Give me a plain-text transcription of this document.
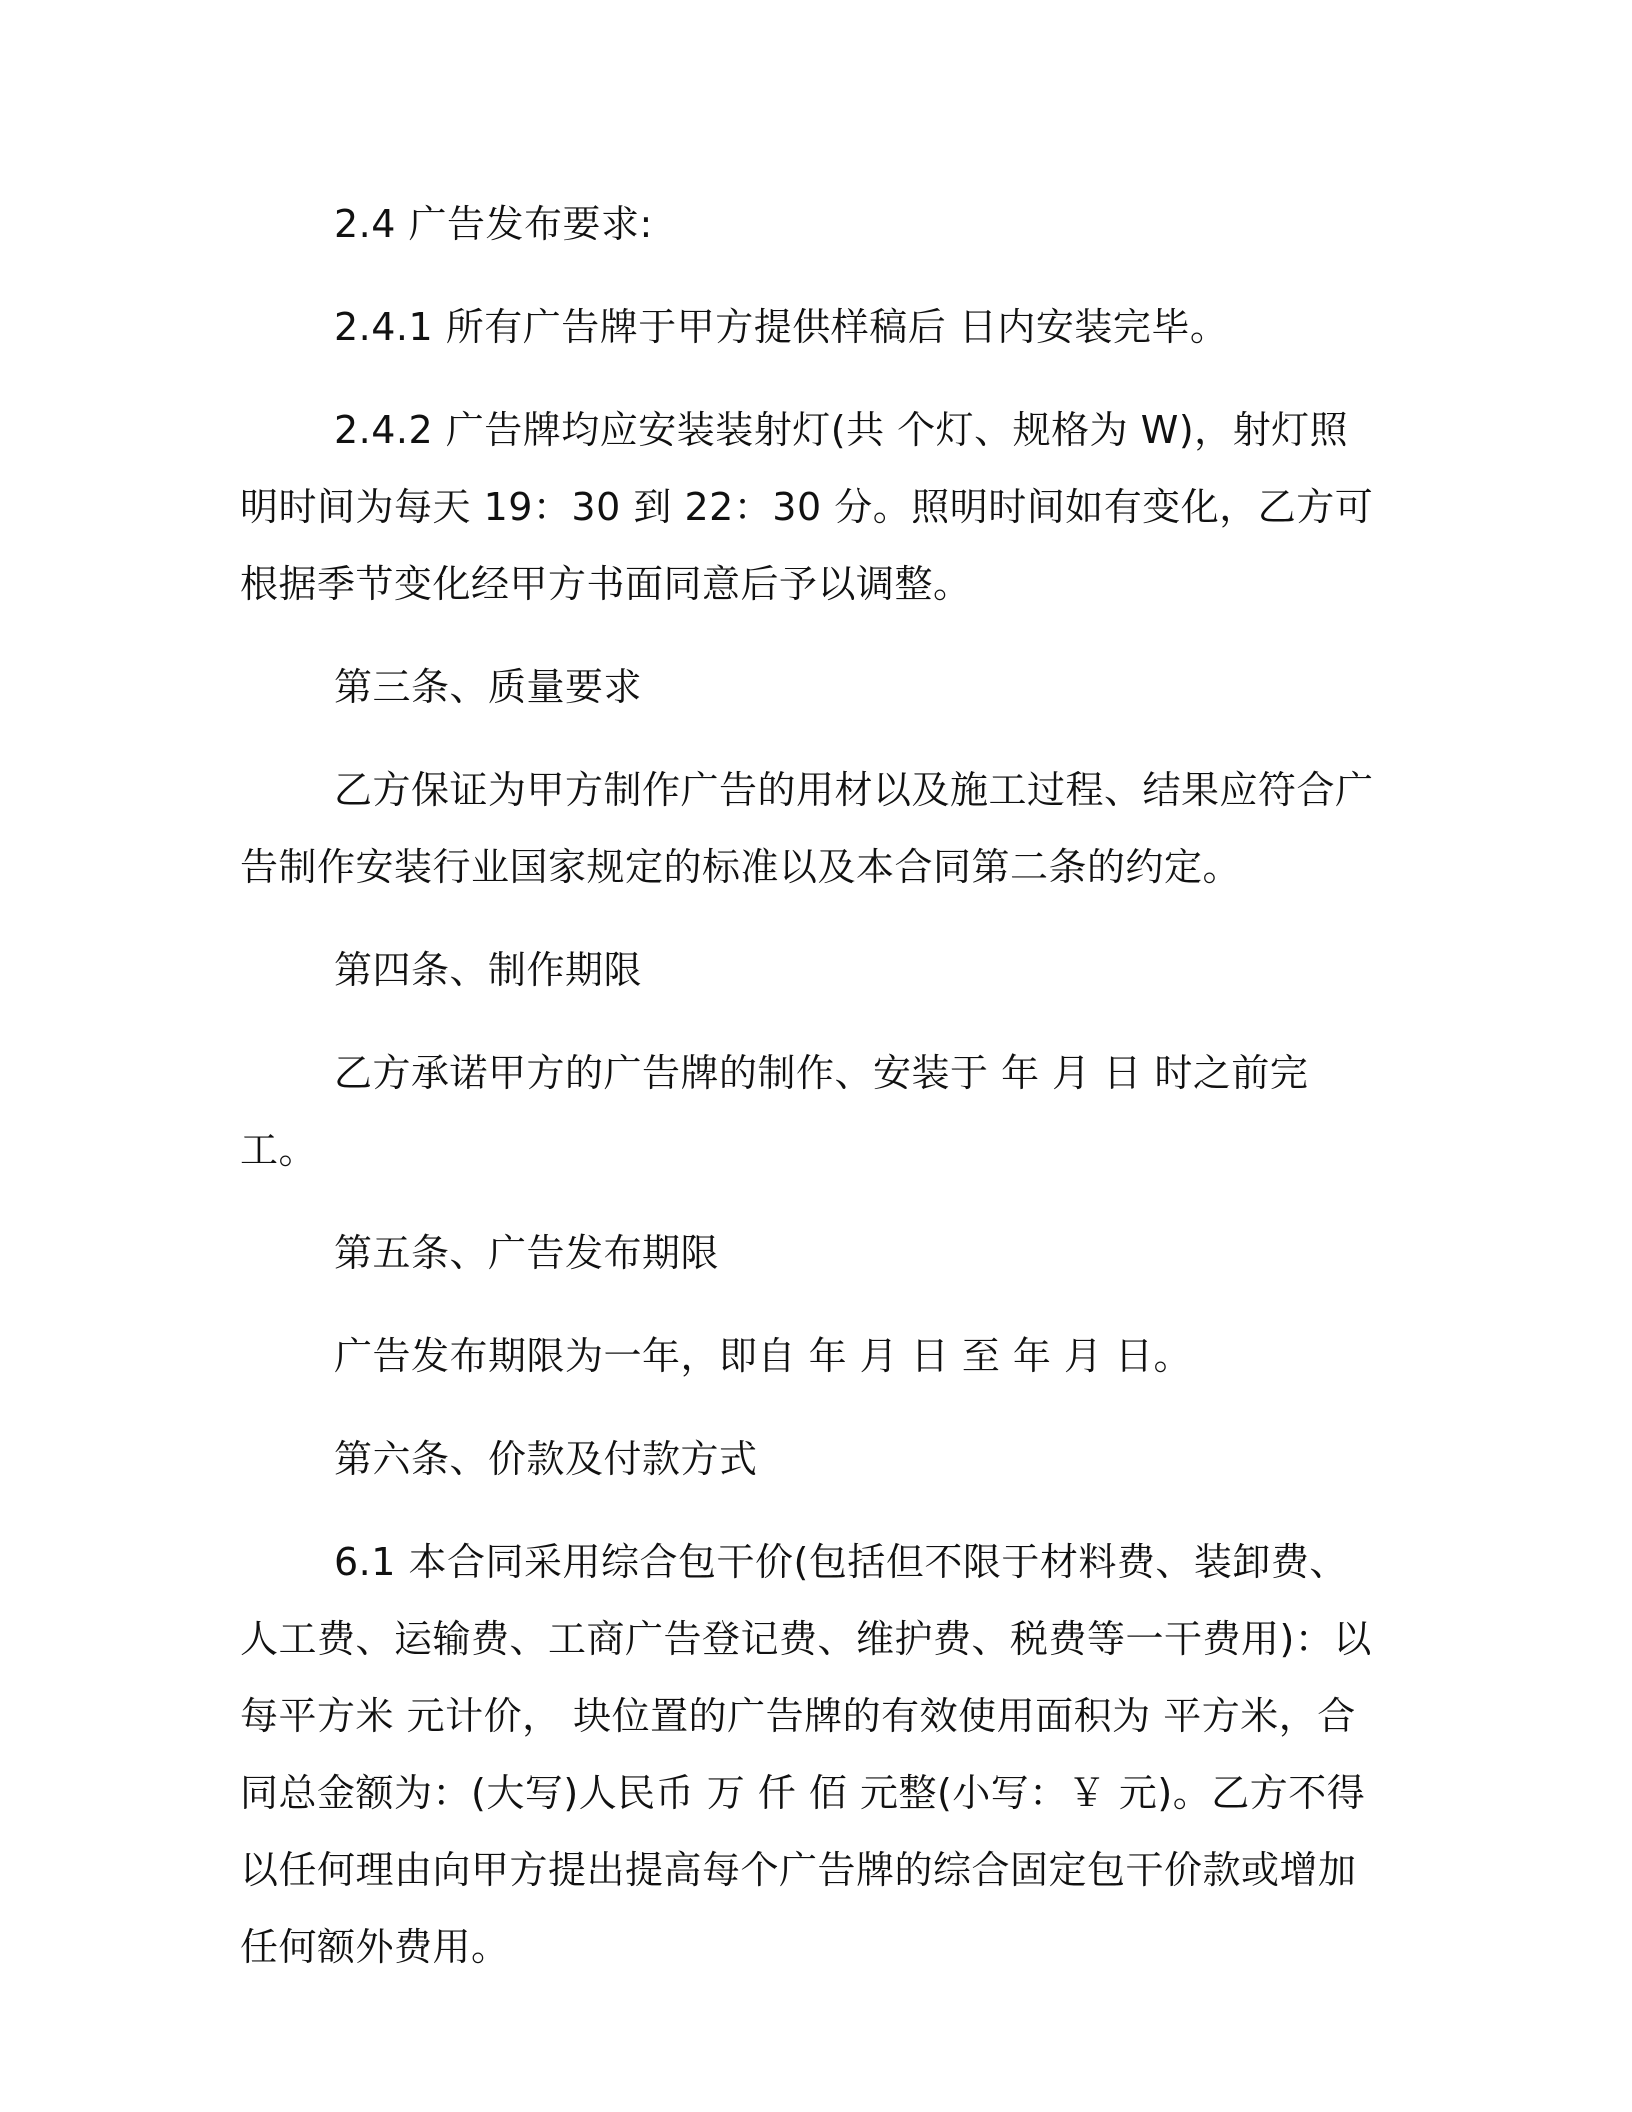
2.4 广告发布要求:

2.4.1 所有广告牌于甲方提供样稿后 日内安装完毕。

2.4.2 广告牌均应安装装射灯(共 个灯、规格为 W)，射灯照明时间为每天 19：30 到 22：30 分。照明时间如有变化，乙方可根据季节变化经甲方书面同意后予以调整。

第三条、质量要求

乙方保证为甲方制作广告的用材以及施工过程、结果应符合广告制作安装行业国家规定的标准以及本合同第二条的约定。

第四条、制作期限

乙方承诺甲方的广告牌的制作、安装于 年 月 日 时之前完工。

第五条、广告发布期限

广告发布期限为一年，即自 年 月 日 至 年 月 日。

第六条、价款及付款方式

6.1 本合同采用综合包干价(包括但不限于材料费、装卸费、人工费、运输费、工商广告登记费、维护费、税费等一干费用)：以每平方米 元计价， 块位置的广告牌的有效使用面积为 平方米，合同总金额为：(大写)人民币 万 仟 佰 元整(小写：￥ 元)。乙方不得以任何理由向甲方提出提高每个广告牌的综合固定包干价款或增加任何额外费用。
